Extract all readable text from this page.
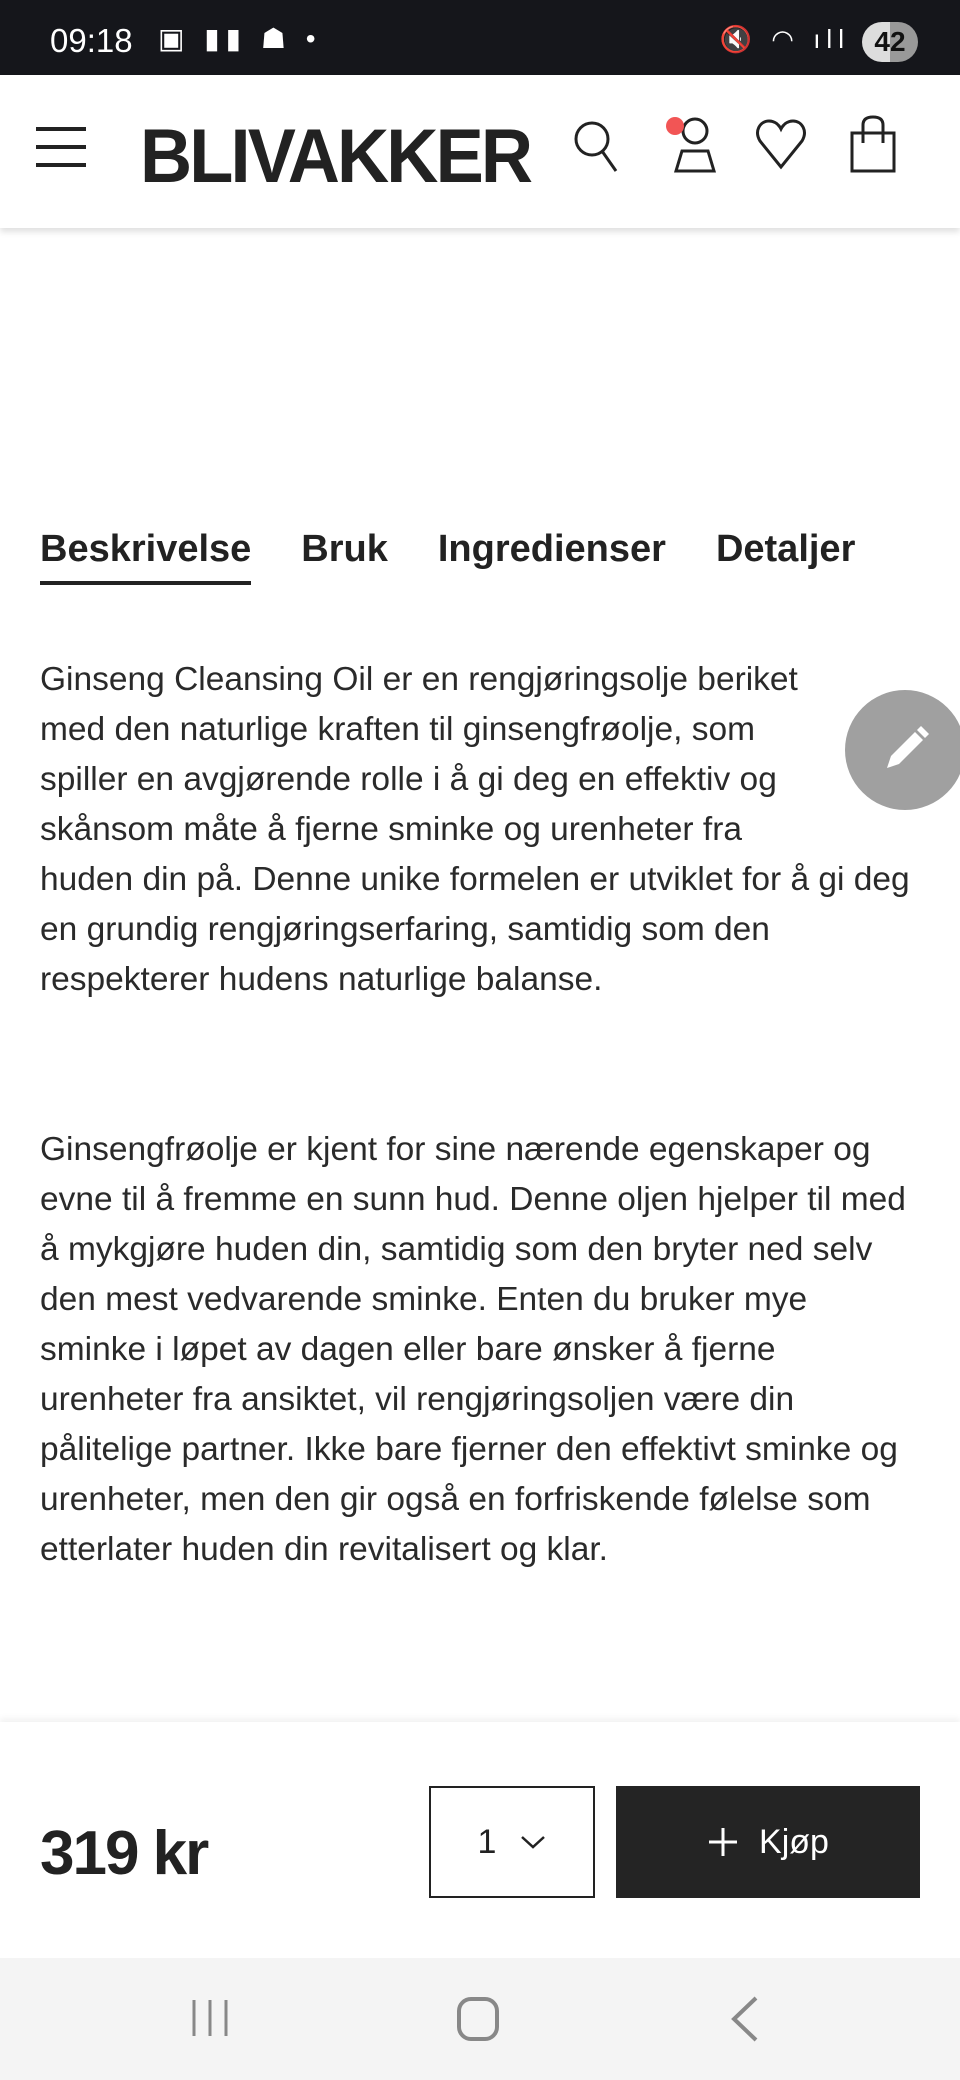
09:18 ▣ ▮▮ ☗ •	🔇 ◠ ıll 42
BLIVAKKER
Beskrivelse Bruk Ingredienser Detaljer
Ginseng Cleansing Oil er en rengjøringsolje beriket med den naturlige kraften til ginsengfrøolje, som spiller en avgjørende rolle i å gi deg en effektiv og skånsom måte å fjerne sminke og urenheter fra huden din på. Denne unike formelen er utviklet for å gi deg en grundig rengjøringserfaring, samtidig som den respekterer hudens naturlige balanse.

Ginsengfrøolje er kjent for sine nærende egenskaper og evne til å fremme en sunn hud. Denne oljen hjelper til med å mykgjøre huden din, samtidig som den bryter ned selv den mest vedvarende sminke. Enten du bruker mye sminke i løpet av dagen eller bare ønsker å fjerne urenheter fra ansiktet, vil rengjøringsoljen være din pålitelige partner. Ikke bare fjerner den effektivt sminke og urenheter, men den gir også en forfriskende følelse som etterlater huden din revitalisert og klar.

319 kr	1	Kjøp
